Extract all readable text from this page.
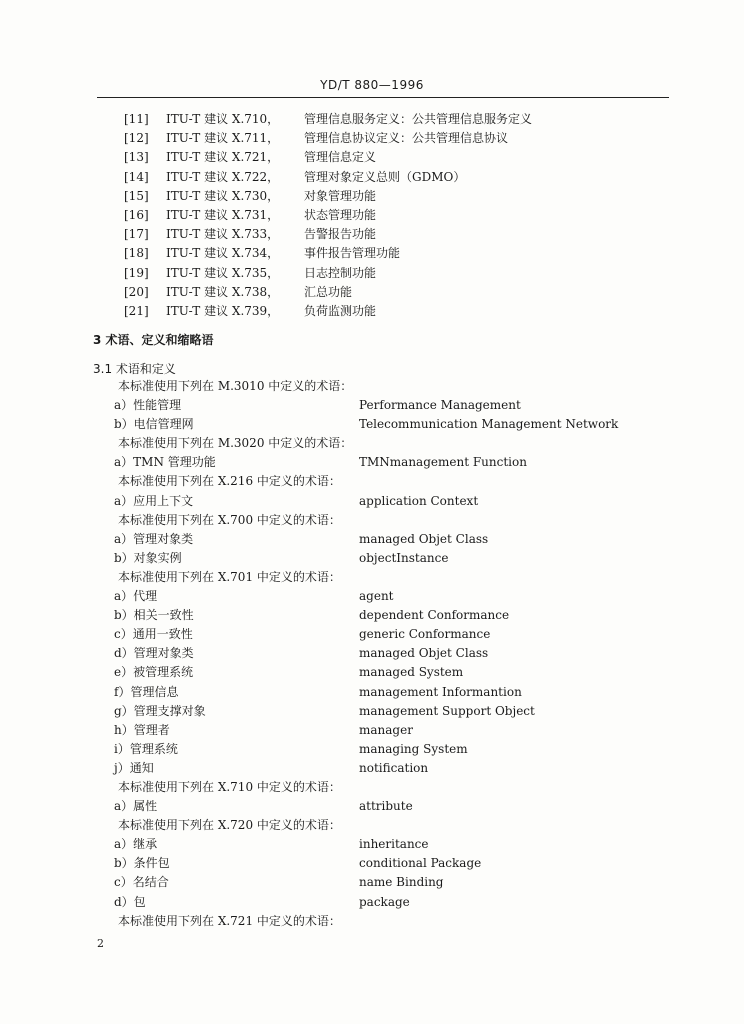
YD/T 880—1996
[11] ITU-T 建议 X.710， 管理信息服务定义：公共管理信息服务定义
[12] ITU-T 建议 X.711， 管理信息协议定义：公共管理信息协议
[13] ITU-T 建议 X.721， 管理信息定义
[14] ITU-T 建议 X.722， 管理对象定义总则（GDMO）
[15] ITU-T 建议 X.730， 对象管理功能
[16] ITU-T 建议 X.731， 状态管理功能
[17] ITU-T 建议 X.733， 告警报告功能
[18] ITU-T 建议 X.734， 事件报告管理功能
[19] ITU-T 建议 X.735， 日志控制功能
[20] ITU-T 建议 X.738， 汇总功能
[21] ITU-T 建议 X.739， 负荷监测功能
3 术语、定义和缩略语
3.1 术语和定义
本标准使用下列在 M.3010 中定义的术语：
a）性能管理	Performance Management
b）电信管理网	Telecommunication Management Network
本标准使用下列在 M.3020 中定义的术语：
a）TMN 管理功能	TMNmanagement Function
本标准使用下列在 X.216 中定义的术语：
a）应用上下文	application Context
本标准使用下列在 X.700 中定义的术语：
a）管理对象类	managed Objet Class
b）对象实例	objectInstance
本标准使用下列在 X.701 中定义的术语：
a）代理	agent
b）相关一致性	dependent Conformance
c）通用一致性	generic Conformance
d）管理对象类	managed Objet Class
e）被管理系统	managed System
f）管理信息	management Informantion
g）管理支撑对象	management Support Object
h）管理者	manager
i）管理系统	managing System
j）通知	notification
本标准使用下列在 X.710 中定义的术语：
a）属性	attribute
本标准使用下列在 X.720 中定义的术语：
a）继承	inheritance
b）条件包	conditional Package
c）名结合	name Binding
d）包	package
本标准使用下列在 X.721 中定义的术语：
2
